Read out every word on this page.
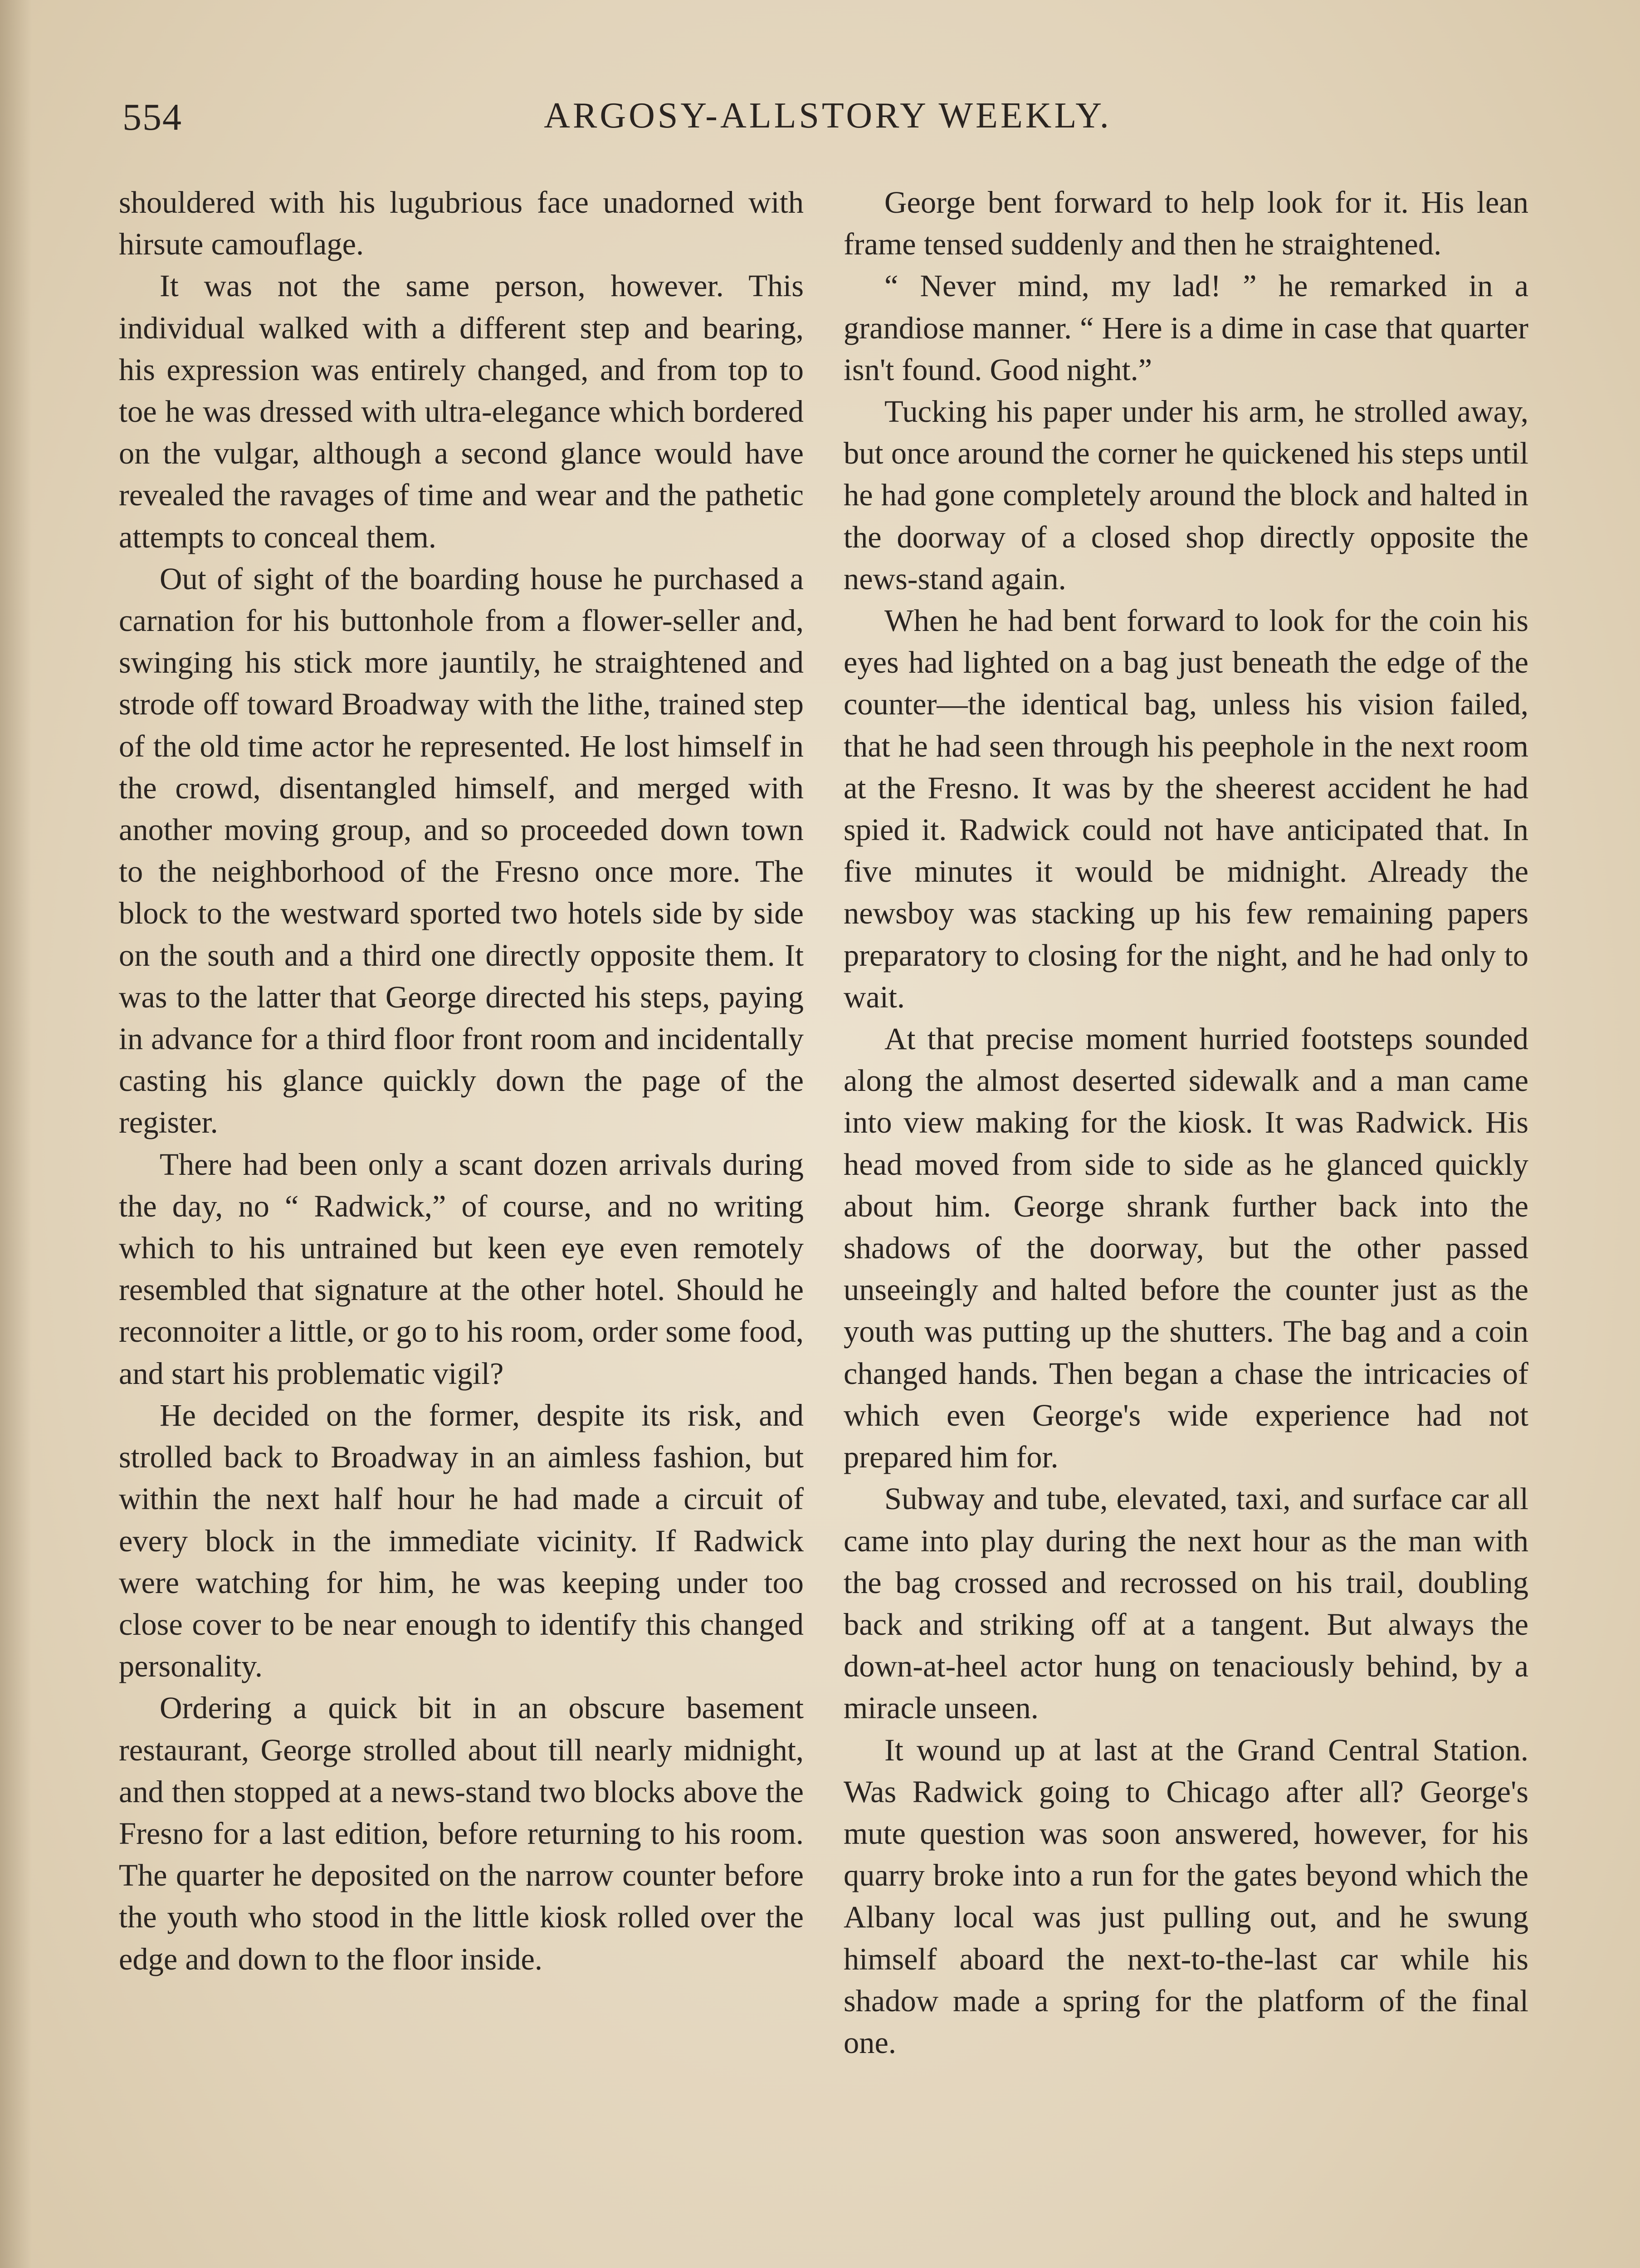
554	ARGOSY-ALLSTORY WEEKLY.

shouldered with his lugubrious face unadorned with hirsute camouflage.

It was not the same person, however. This individual walked with a different step and bearing, his expression was entirely changed, and from top to toe he was dressed with ultra-elegance which bordered on the vulgar, although a second glance would have revealed the ravages of time and wear and the pathetic attempts to conceal them.

Out of sight of the boarding house he purchased a carnation for his buttonhole from a flower-seller and, swinging his stick more jauntily, he straightened and strode off toward Broadway with the lithe, trained step of the old time actor he represented. He lost himself in the crowd, disentangled himself, and merged with another moving group, and so proceeded down town to the neighborhood of the Fresno once more. The block to the westward sported two hotels side by side on the south and a third one directly opposite them. It was to the latter that George directed his steps, paying in advance for a third floor front room and incidentally casting his glance quickly down the page of the register.

There had been only a scant dozen arrivals during the day, no “ Radwick,” of course, and no writing which to his untrained but keen eye even remotely resembled that signature at the other hotel. Should he reconnoiter a little, or go to his room, order some food, and start his problematic vigil?

He decided on the former, despite its risk, and strolled back to Broadway in an aimless fashion, but within the next half hour he had made a circuit of every block in the immediate vicinity. If Radwick were watching for him, he was keeping under too close cover to be near enough to identify this changed personality.

Ordering a quick bit in an obscure basement restaurant, George strolled about till nearly midnight, and then stopped at a news-stand two blocks above the Fresno for a last edition, before returning to his room. The quarter he deposited on the narrow counter before the youth who stood in the little kiosk rolled over the edge and down to the floor inside.

George bent forward to help look for it. His lean frame tensed suddenly and then he straightened.

“ Never mind, my lad! ” he remarked in a grandiose manner. “ Here is a dime in case that quarter isn't found. Good night.”

Tucking his paper under his arm, he strolled away, but once around the corner he quickened his steps until he had gone completely around the block and halted in the doorway of a closed shop directly opposite the news-stand again.

When he had bent forward to look for the coin his eyes had lighted on a bag just beneath the edge of the counter—the identical bag, unless his vision failed, that he had seen through his peephole in the next room at the Fresno. It was by the sheerest accident he had spied it. Radwick could not have anticipated that. In five minutes it would be midnight. Already the newsboy was stacking up his few remaining papers preparatory to closing for the night, and he had only to wait.

At that precise moment hurried footsteps sounded along the almost deserted sidewalk and a man came into view making for the kiosk. It was Radwick. His head moved from side to side as he glanced quickly about him. George shrank further back into the shadows of the doorway, but the other passed unseeingly and halted before the counter just as the youth was putting up the shutters. The bag and a coin changed hands. Then began a chase the intricacies of which even George's wide experience had not prepared him for.

Subway and tube, elevated, taxi, and surface car all came into play during the next hour as the man with the bag crossed and recrossed on his trail, doubling back and striking off at a tangent. But always the down-at-heel actor hung on tenaciously behind, by a miracle unseen.

It wound up at last at the Grand Central Station. Was Radwick going to Chicago after all? George's mute question was soon answered, however, for his quarry broke into a run for the gates beyond which the Albany local was just pulling out, and he swung himself aboard the next-to-the-last car while his shadow made a spring for the platform of the final one.
